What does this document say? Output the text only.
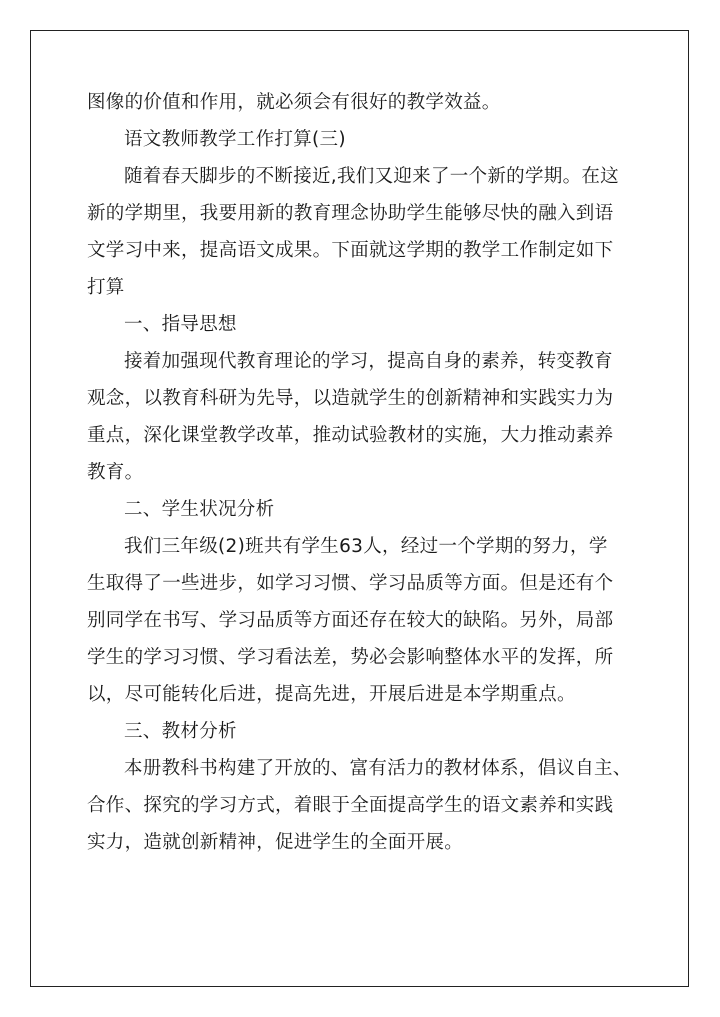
图像的价值和作用，就必须会有很好的教学效益。
语文教师教学工作打算(三)
随着春天脚步的不断接近,我们又迎来了一个新的学期。在这
新的学期里，我要用新的教育理念协助学生能够尽快的融入到语
文学习中来，提高语文成果。下面就这学期的教学工作制定如下
打算
一、指导思想
接着加强现代教育理论的学习，提高自身的素养，转变教育
观念，以教育科研为先导，以造就学生的创新精神和实践实力为
重点，深化课堂教学改革，推动试验教材的实施，大力推动素养
教育。
二、学生状况分析
我们三年级(2)班共有学生63人，经过一个学期的努力，学
生取得了一些进步，如学习习惯、学习品质等方面。但是还有个
别同学在书写、学习品质等方面还存在较大的缺陷。另外，局部
学生的学习习惯、学习看法差，势必会影响整体水平的发挥，所
以，尽可能转化后进，提高先进，开展后进是本学期重点。
三、教材分析
本册教科书构建了开放的、富有活力的教材体系，倡议自主、
合作、探究的学习方式，着眼于全面提高学生的语文素养和实践
实力，造就创新精神，促进学生的全面开展。
